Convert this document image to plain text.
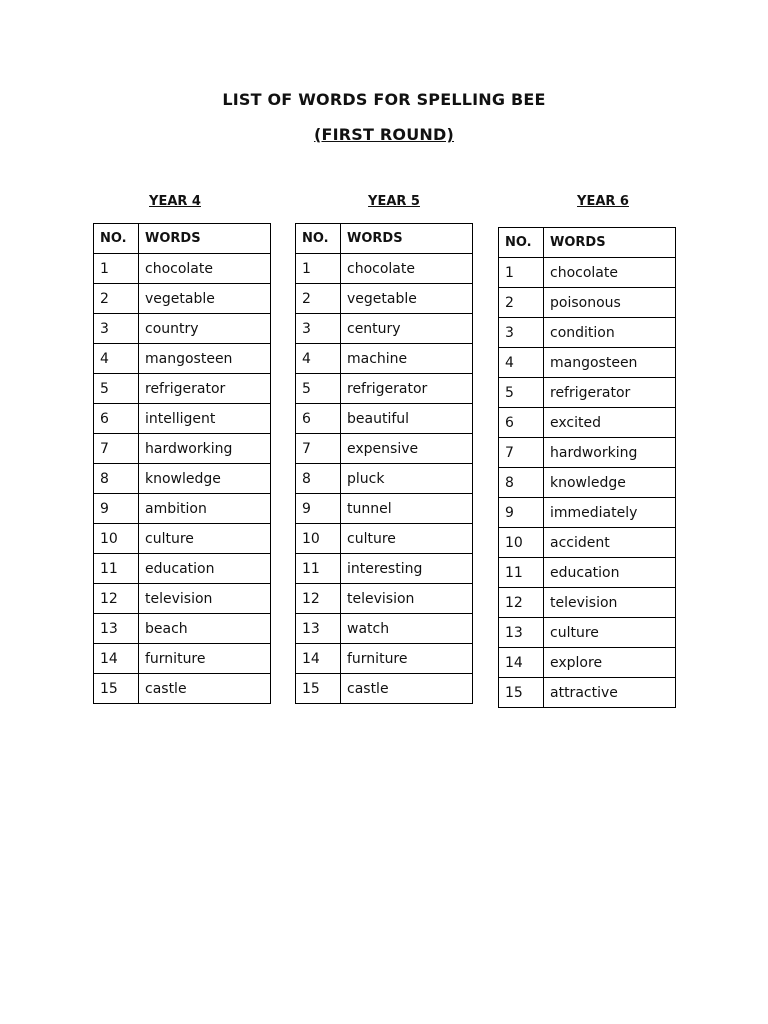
LIST OF WORDS FOR SPELLING BEE
(FIRST ROUND)

YEAR 4

NO.	WORDS
1	chocolate
2	vegetable
3	country
4	mangosteen
5	refrigerator
6	intelligent
7	hardworking
8	knowledge
9	ambition
10	culture
11	education
12	television
13	beach
14	furniture
15	castle

YEAR 5

NO.	WORDS
1	chocolate
2	vegetable
3	century
4	machine
5	refrigerator
6	beautiful
7	expensive
8	pluck
9	tunnel
10	culture
11	interesting
12	television
13	watch
14	furniture
15	castle

YEAR 6

NO.	WORDS
1	chocolate
2	poisonous
3	condition
4	mangosteen
5	refrigerator
6	excited
7	hardworking
8	knowledge
9	immediately
10	accident
11	education
12	television
13	culture
14	explore
15	attractive
